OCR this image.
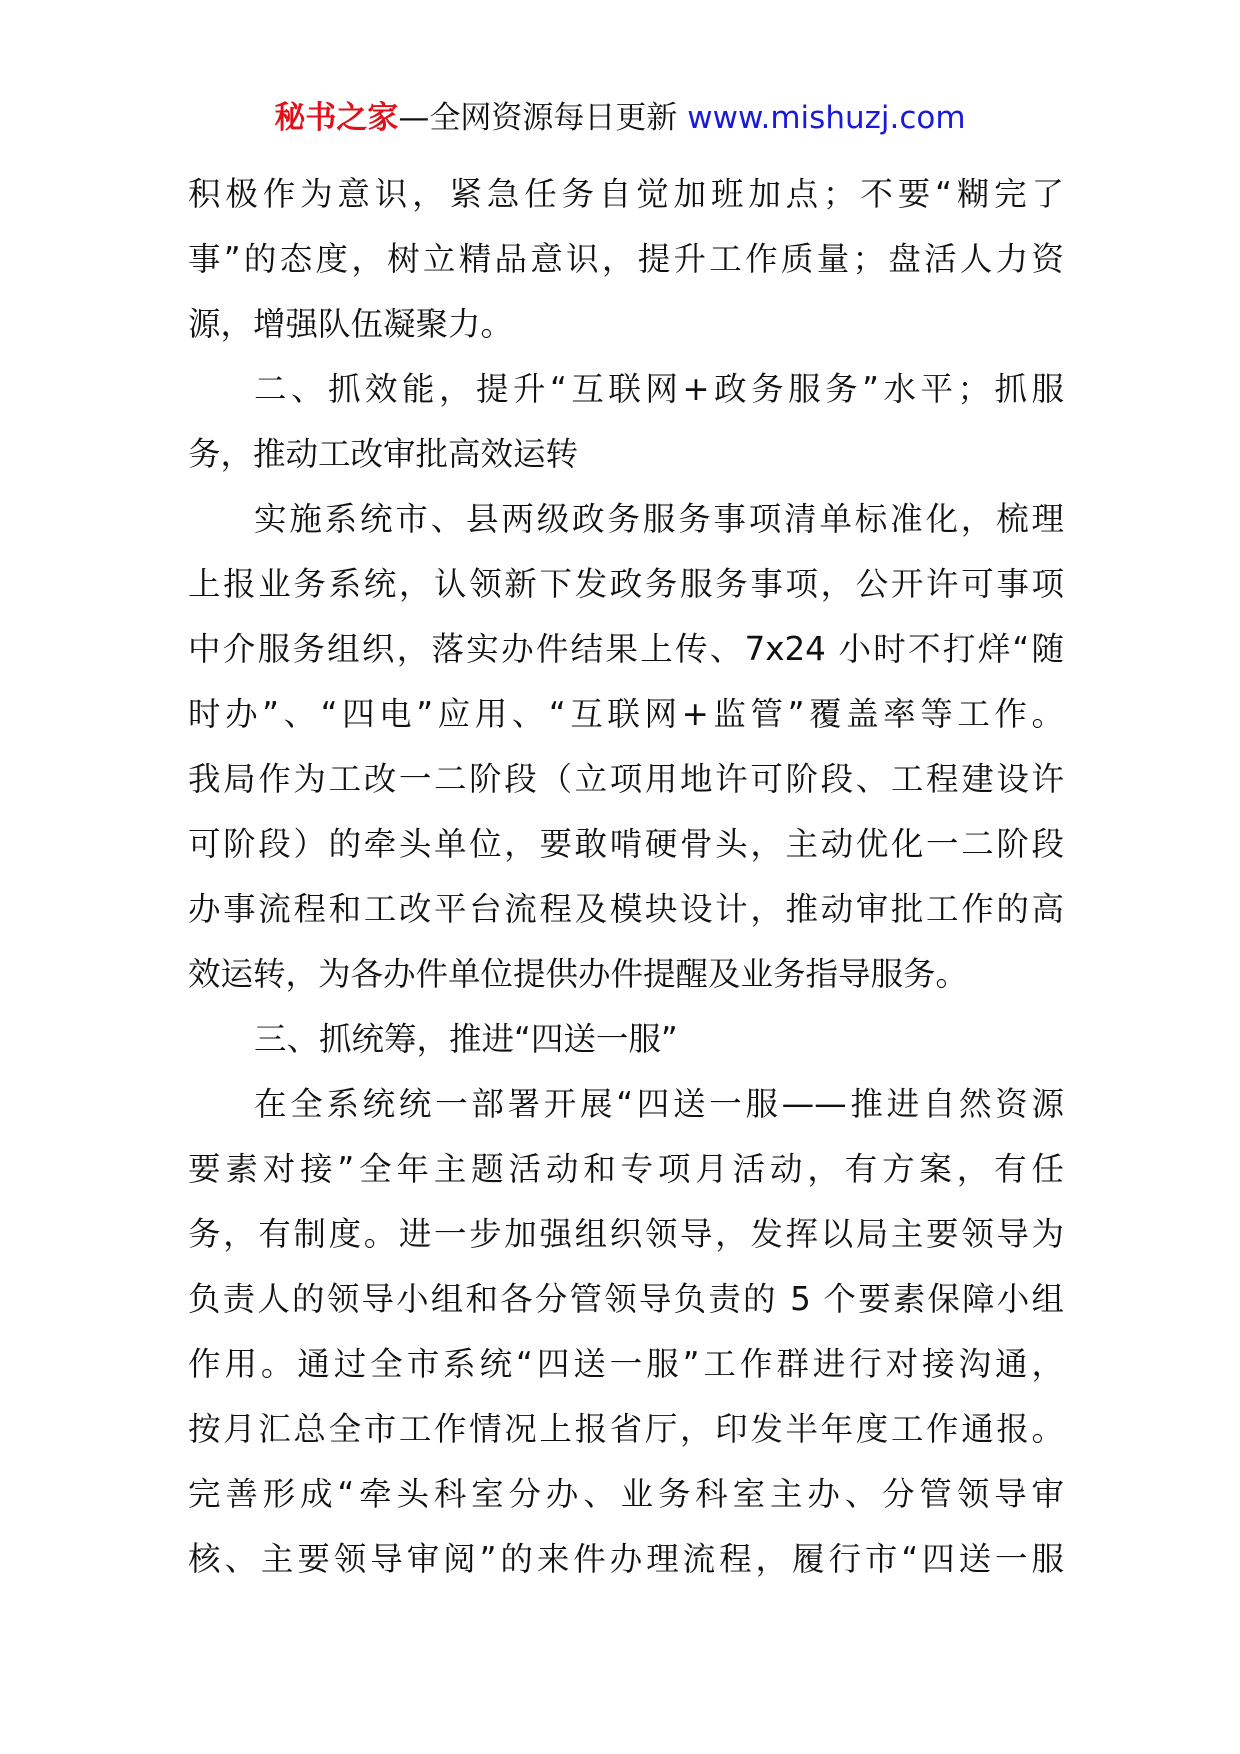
秘书之家—全网资源每日更新 www.mishuzj.com
积极作为意识，紧急任务自觉加班加点；不要“糊完了
事”的态度，树立精品意识，提升工作质量；盘活人力资
源，增强队伍凝聚力。
二、抓效能，提升“互联网+政务服务”水平；抓服
务，推动工改审批高效运转
实施系统市、县两级政务服务事项清单标准化，梳理
上报业务系统，认领新下发政务服务事项，公开许可事项
中介服务组织，落实办件结果上传、7x24 小时不打烊“随
时办”、“四电”应用、“互联网+监管”覆盖率等工作。
我局作为工改一二阶段（立项用地许可阶段、工程建设许
可阶段）的牵头单位，要敢啃硬骨头，主动优化一二阶段
办事流程和工改平台流程及模块设计，推动审批工作的高
效运转，为各办件单位提供办件提醒及业务指导服务。
三、抓统筹，推进“四送一服”
在全系统统一部署开展“四送一服——推进自然资源
要素对接”全年主题活动和专项月活动，有方案，有任
务，有制度。进一步加强组织领导，发挥以局主要领导为
负责人的领导小组和各分管领导负责的 5 个要素保障小组
作用。通过全市系统“四送一服”工作群进行对接沟通，
按月汇总全市工作情况上报省厅，印发半年度工作通报。
完善形成“牵头科室分办、业务科室主办、分管领导审
核、主要领导审阅”的来件办理流程，履行市“四送一服
